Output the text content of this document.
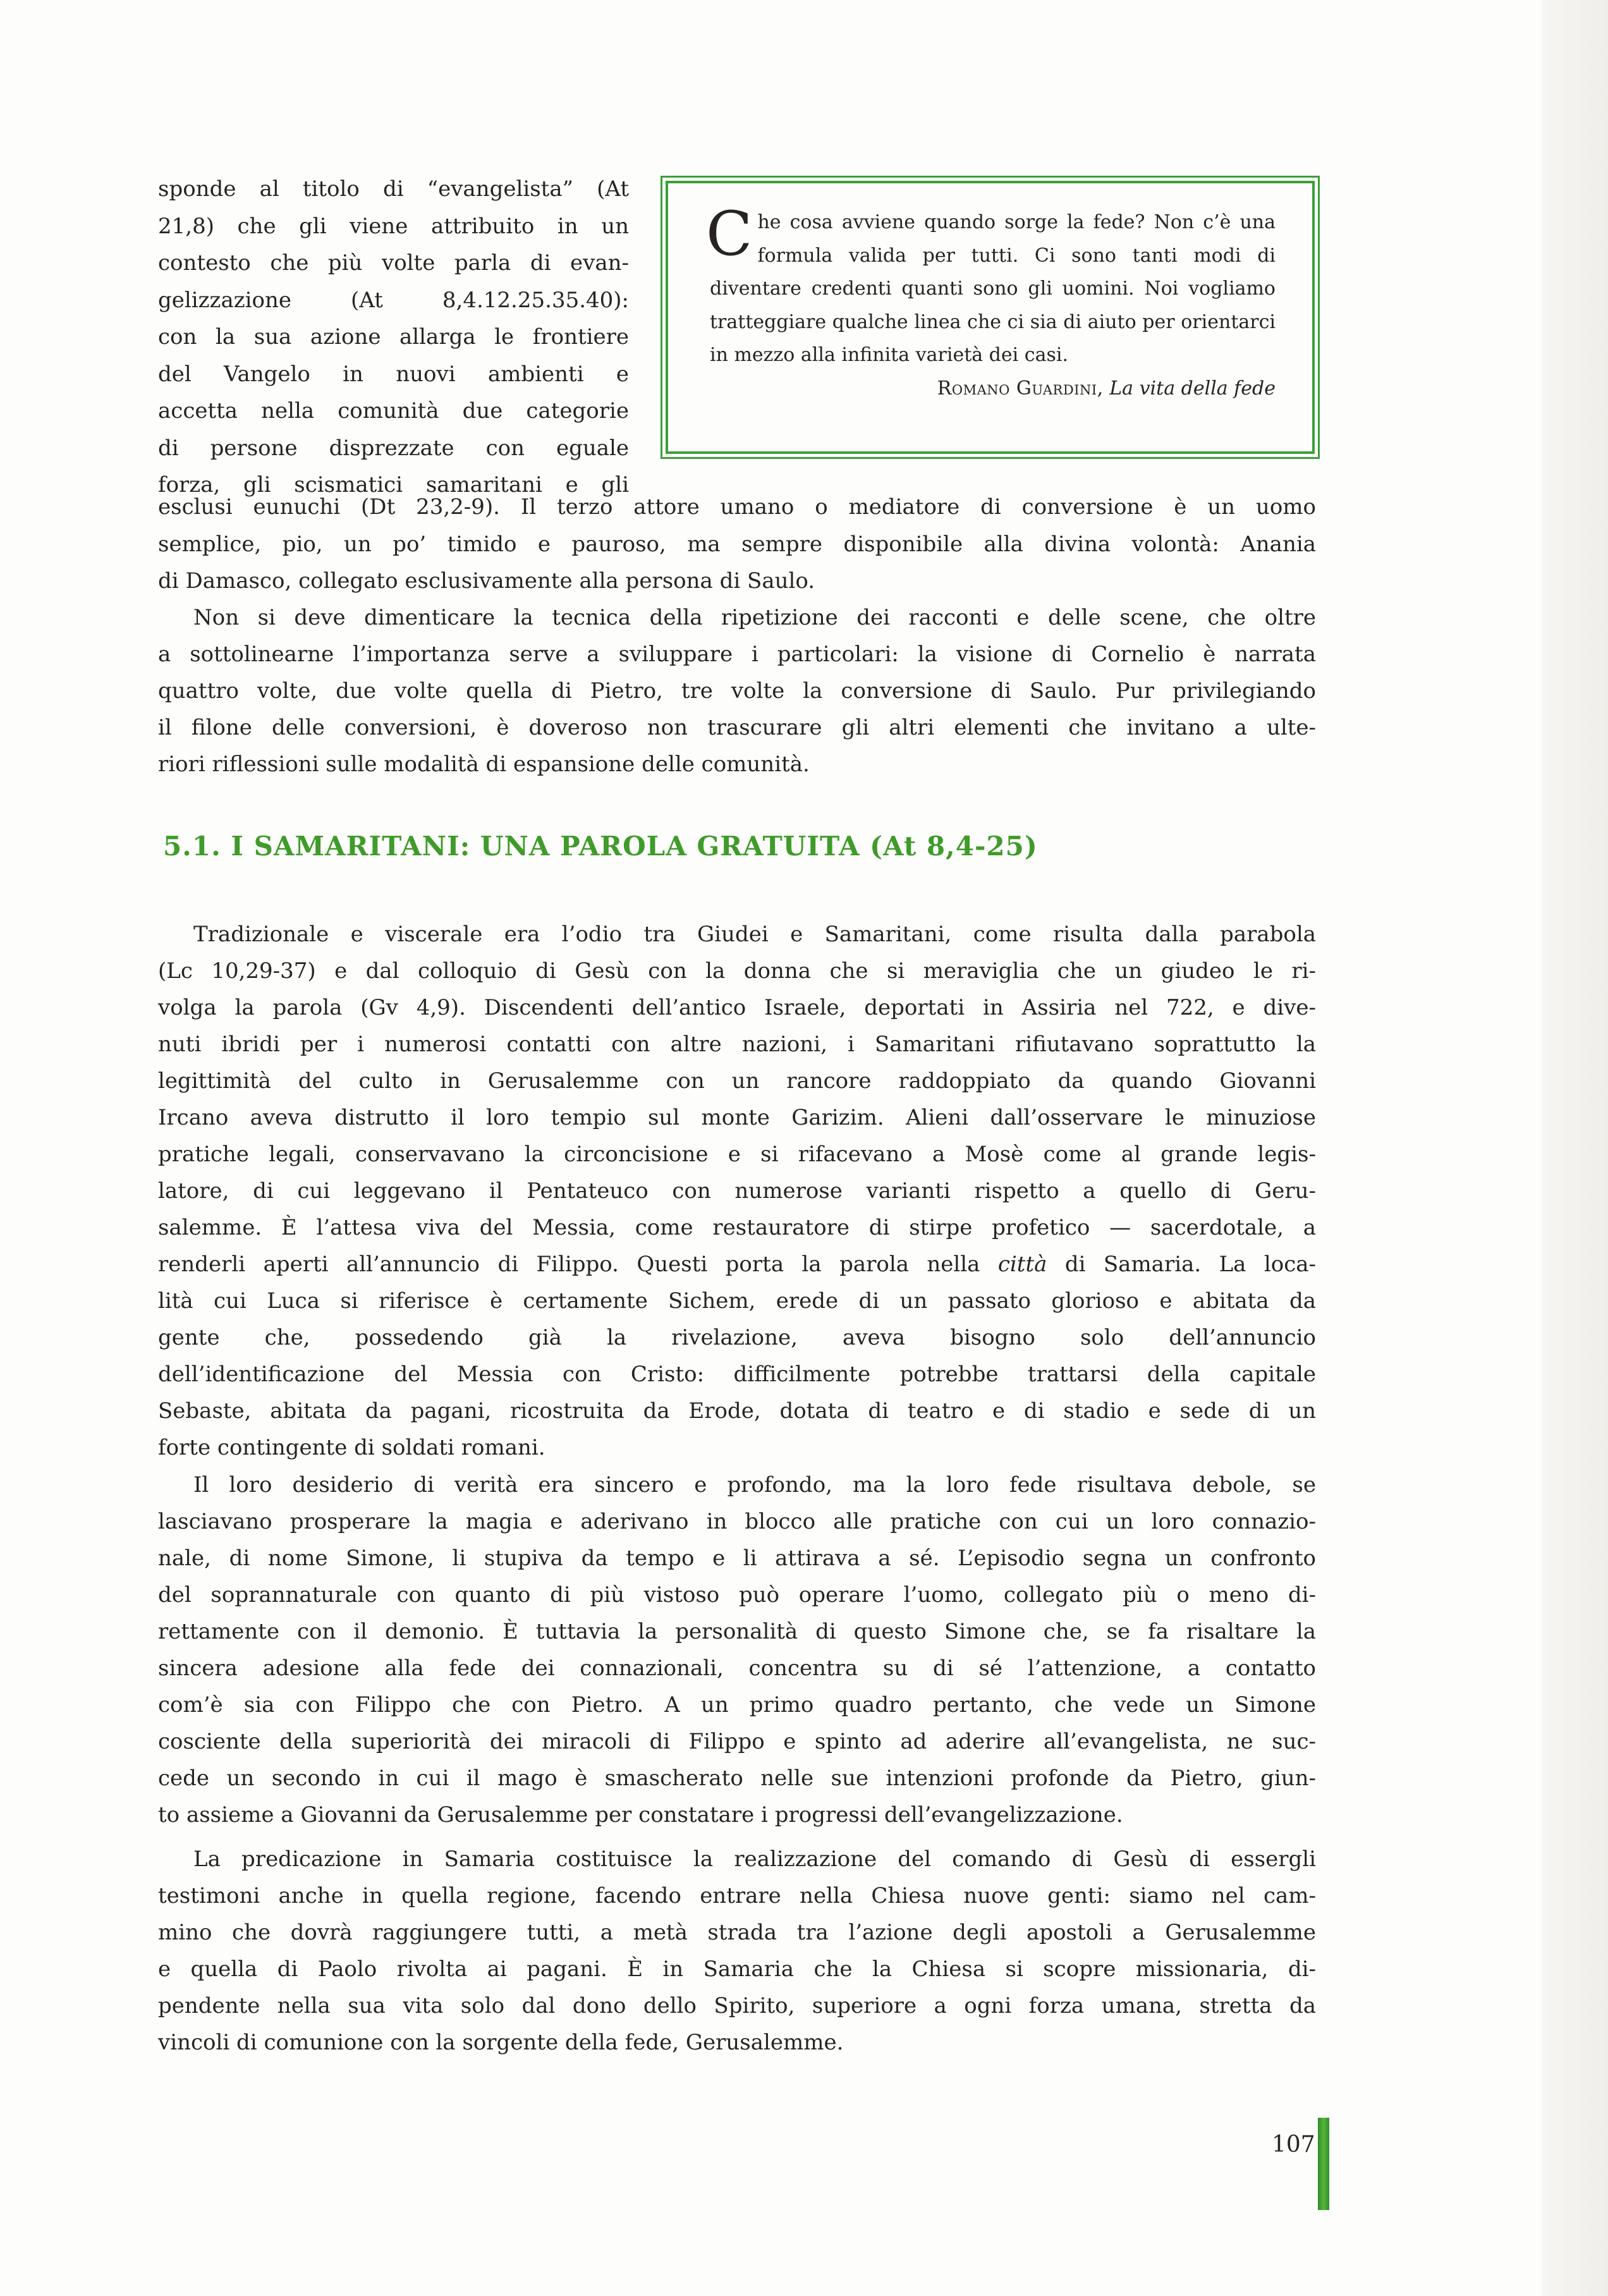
sponde al titolo di “evangelista” (At

21,8) che gli viene attribuito in un

contesto che più volte parla di evan-

gelizzazione (At 8,4.12.25.35.40):

con la sua azione allarga le frontiere

del Vangelo in nuovi ambienti e

accetta nella comunità due categorie

di persone disprezzate con eguale

forza, gli scismatici samaritani e gli

Che cosa avviene quando sorge la fede? Non c’è una formula valida per tutti. Ci sono tanti modi di diventare credenti quanti sono gli uomini. Noi vogliamo tratteggiare qualche linea che ci sia di aiuto per orientarci in mezzo alla infinita varietà dei casi.

Romano Guardini, La vita della fede

esclusi eunuchi (Dt 23,2-9). Il terzo attore umano o mediatore di conversione è un uomo

semplice, pio, un po’ timido e pauroso, ma sempre disponibile alla divina volontà: Anania

di Damasco, collegato esclusivamente alla persona di Saulo.

Non si deve dimenticare la tecnica della ripetizione dei racconti e delle scene, che oltre

a sottolinearne l’importanza serve a sviluppare i particolari: la visione di Cornelio è narrata

quattro volte, due volte quella di Pietro, tre volte la conversione di Saulo. Pur privilegiando

il filone delle conversioni, è doveroso non trascurare gli altri elementi che invitano a ulte-

riori riflessioni sulle modalità di espansione delle comunità.

5.1. I SAMARITANI: UNA PAROLA GRATUITA (At 8,4-25)

Tradizionale e viscerale era l’odio tra Giudei e Samaritani, come risulta dalla parabola

(Lc 10,29-37) e dal colloquio di Gesù con la donna che si meraviglia che un giudeo le ri-

volga la parola (Gv 4,9). Discendenti dell’antico Israele, deportati in Assiria nel 722, e dive-

nuti ibridi per i numerosi contatti con altre nazioni, i Samaritani rifiutavano soprattutto la

legittimità del culto in Gerusalemme con un rancore raddoppiato da quando Giovanni

Ircano aveva distrutto il loro tempio sul monte Garizim. Alieni dall’osservare le minuziose

pratiche legali, conservavano la circoncisione e si rifacevano a Mosè come al grande legis-

latore, di cui leggevano il Pentateuco con numerose varianti rispetto a quello di Geru-

salemme. È l’attesa viva del Messia, come restauratore di stirpe profetico — sacerdotale, a

renderli aperti all’annuncio di Filippo. Questi porta la parola nella città di Samaria. La loca-

lità cui Luca si riferisce è certamente Sichem, erede di un passato glorioso e abitata da

gente che, possedendo già la rivelazione, aveva bisogno solo dell’annuncio

dell’identificazione del Messia con Cristo: difficilmente potrebbe trattarsi della capitale

Sebaste, abitata da pagani, ricostruita da Erode, dotata di teatro e di stadio e sede di un

forte contingente di soldati romani.

Il loro desiderio di verità era sincero e profondo, ma la loro fede risultava debole, se

lasciavano prosperare la magia e aderivano in blocco alle pratiche con cui un loro connazio-

nale, di nome Simone, li stupiva da tempo e li attirava a sé. L’episodio segna un confronto

del soprannaturale con quanto di più vistoso può operare l’uomo, collegato più o meno di-

rettamente con il demonio. È tuttavia la personalità di questo Simone che, se fa risaltare la

sincera adesione alla fede dei connazionali, concentra su di sé l’attenzione, a contatto

com’è sia con Filippo che con Pietro. A un primo quadro pertanto, che vede un Simone

cosciente della superiorità dei miracoli di Filippo e spinto ad aderire all’evangelista, ne suc-

cede un secondo in cui il mago è smascherato nelle sue intenzioni profonde da Pietro, giun-

to assieme a Giovanni da Gerusalemme per constatare i progressi dell’evangelizzazione.

La predicazione in Samaria costituisce la realizzazione del comando di Gesù di essergli

testimoni anche in quella regione, facendo entrare nella Chiesa nuove genti: siamo nel cam-

mino che dovrà raggiungere tutti, a metà strada tra l’azione degli apostoli a Gerusalemme

e quella di Paolo rivolta ai pagani. È in Samaria che la Chiesa si scopre missionaria, di-

pendente nella sua vita solo dal dono dello Spirito, superiore a ogni forza umana, stretta da

vincoli di comunione con la sorgente della fede, Gerusalemme.

107
